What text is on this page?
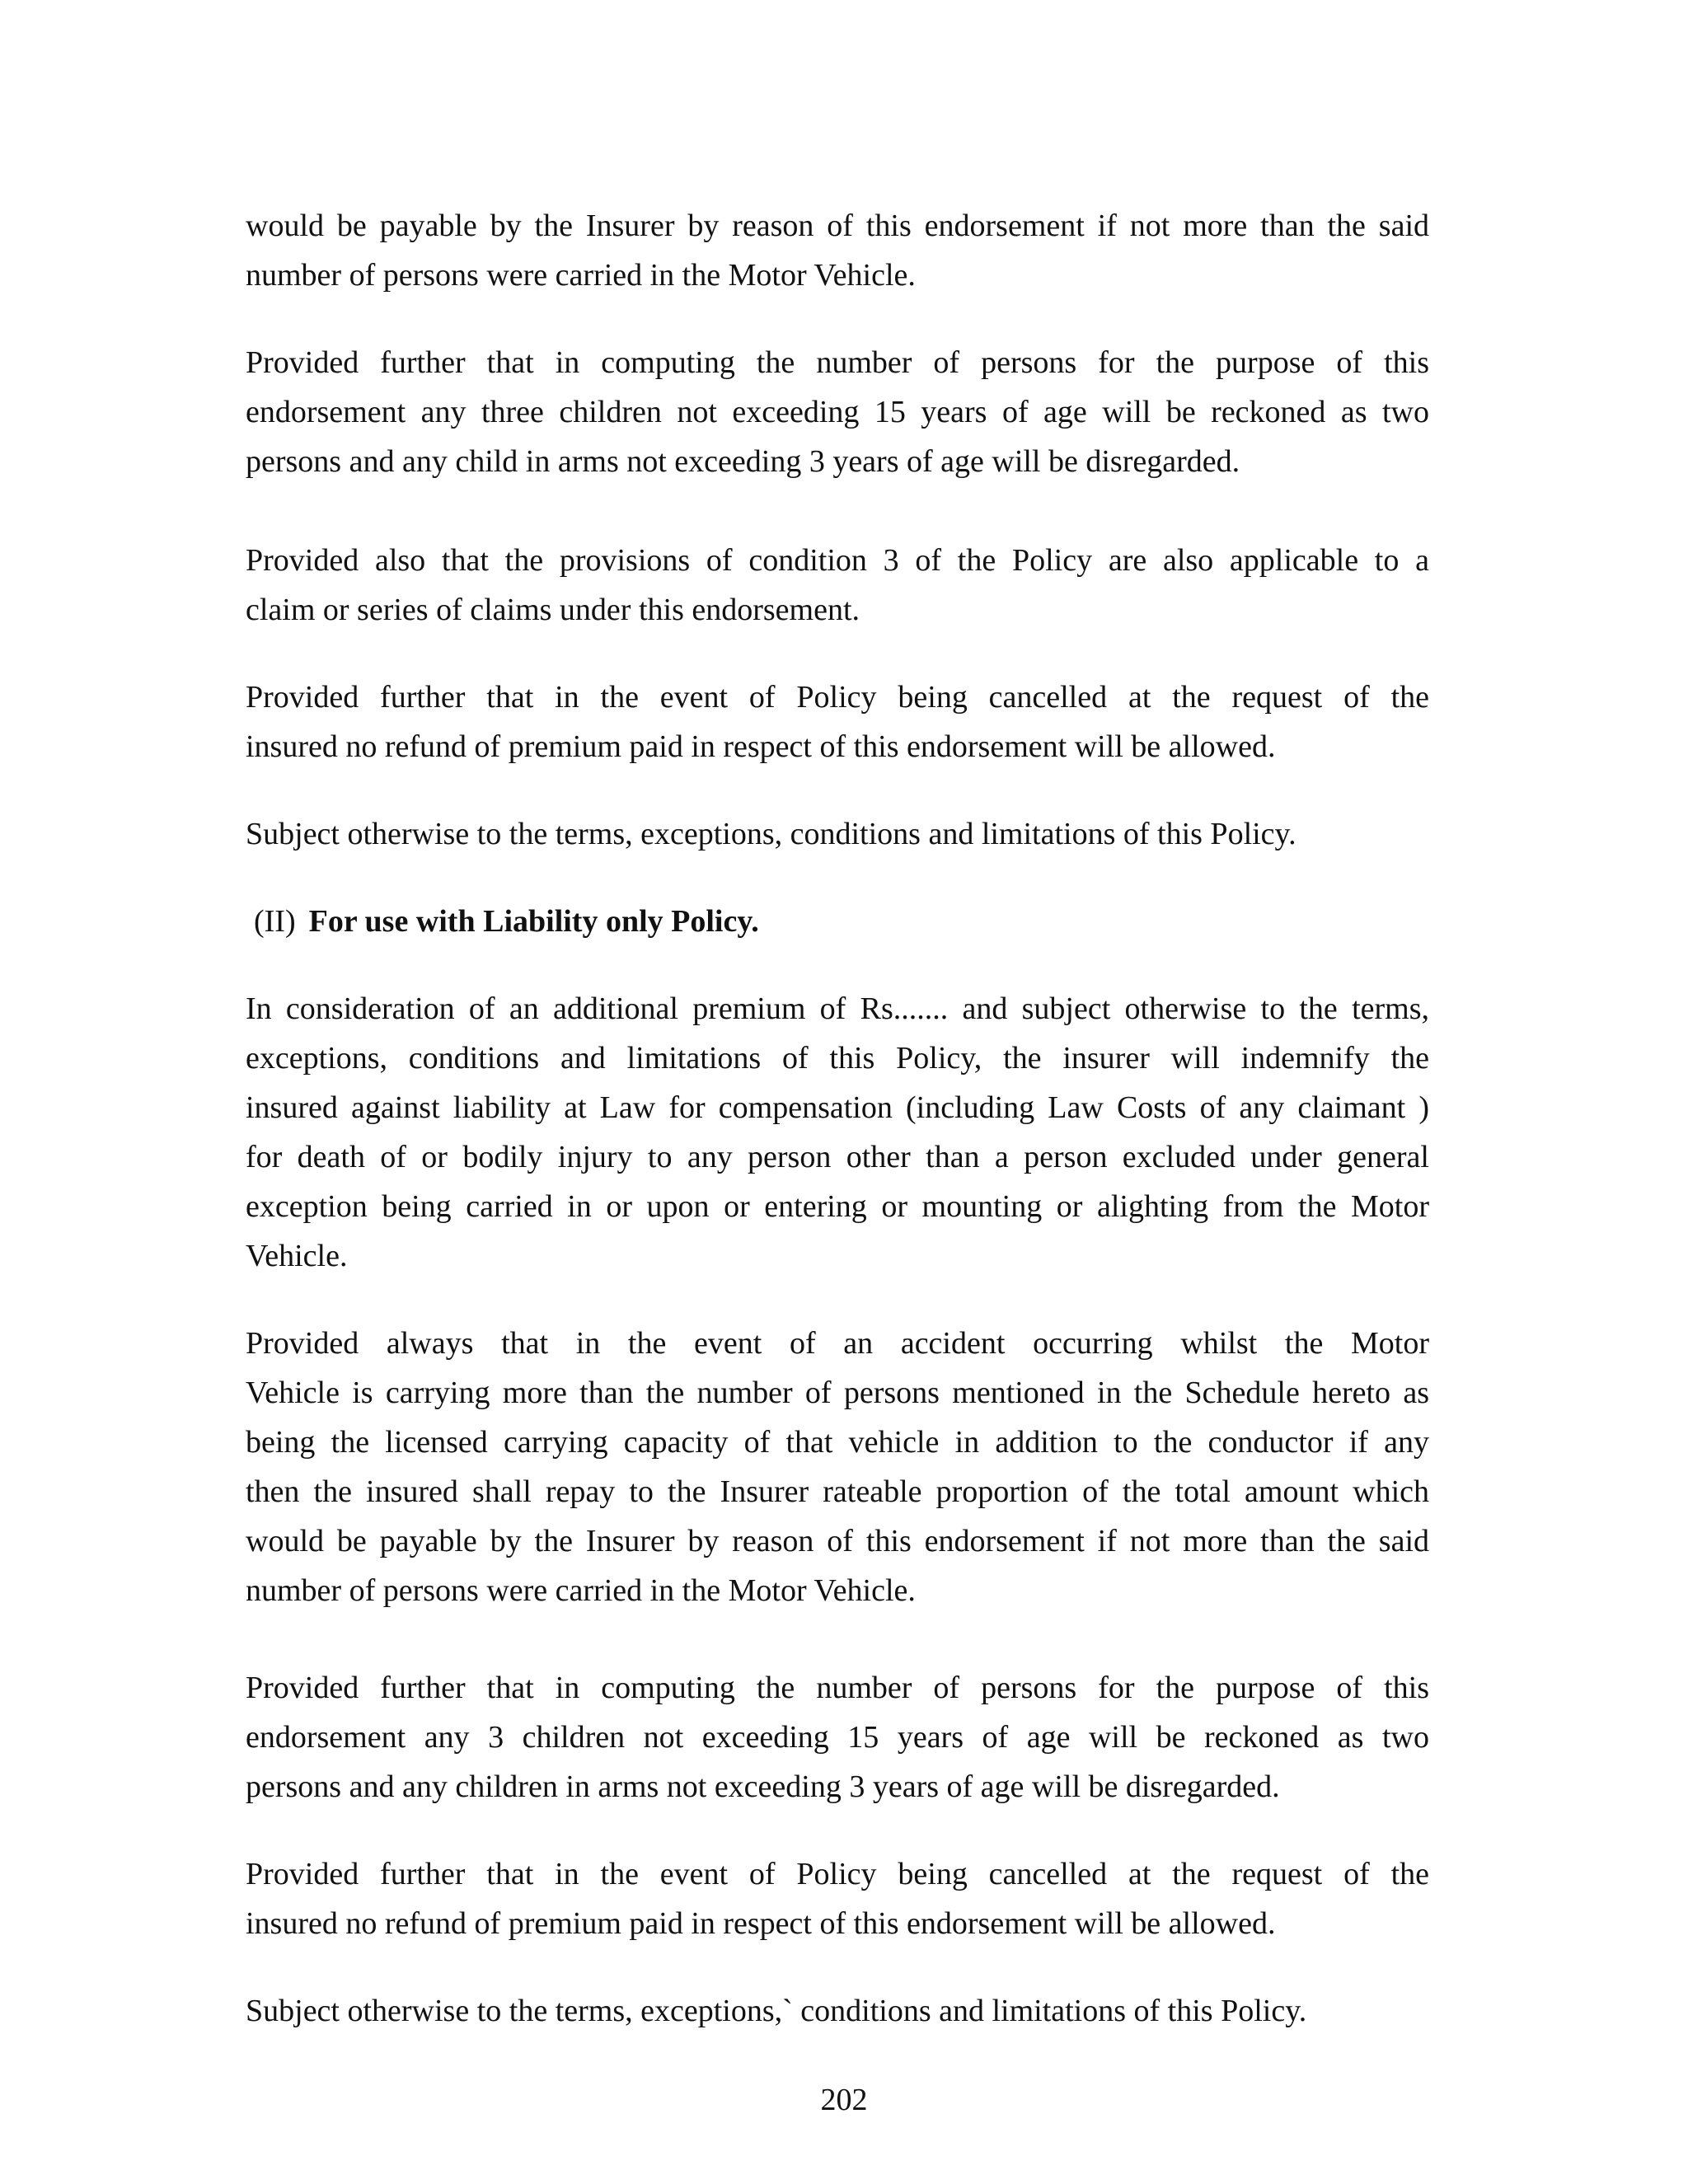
would be payable by the Insurer by reason of this endorsement if not more than the said
number of persons were carried in the Motor Vehicle.
Provided further that in computing the number of persons for the purpose of this
endorsement any three children not exceeding 15 years of age will be reckoned as two
persons and any child in arms not exceeding 3 years of age will be disregarded.
Provided also that the provisions of condition 3 of the Policy are also applicable to a
claim or series of claims under this endorsement.
Provided further that in the event of Policy being cancelled at the request of the
insured no refund of premium paid in respect of this endorsement will be allowed.
Subject otherwise to the terms, exceptions, conditions and limitations of this Policy.
(II) For use with Liability only Policy.
In consideration of an additional premium of Rs....... and subject otherwise to the terms,
exceptions, conditions and limitations of this Policy, the insurer will indemnify the
insured against liability at Law for compensation (including Law Costs of any claimant )
for death of or bodily injury to any person other than a person excluded under general
exception being carried in or upon or entering or mounting or alighting from the Motor
Vehicle.
Provided always that in the event of an accident occurring whilst the Motor
Vehicle is carrying more than the number of persons mentioned in the Schedule hereto as
being the licensed carrying capacity of that vehicle in addition to the conductor if any
then the insured shall repay to the Insurer rateable proportion of the total amount which
would be payable by the Insurer by reason of this endorsement if not more than the said
number of persons were carried in the Motor Vehicle.
Provided further that in computing the number of persons for the purpose of this
endorsement any 3 children not exceeding 15 years of age will be reckoned as two
persons and any children in arms not exceeding 3 years of age will be disregarded.
Provided further that in the event of Policy being cancelled at the request of the
insured no refund of premium paid in respect of this endorsement will be allowed.
Subject otherwise to the terms, exceptions,` conditions and limitations of this Policy.
202
